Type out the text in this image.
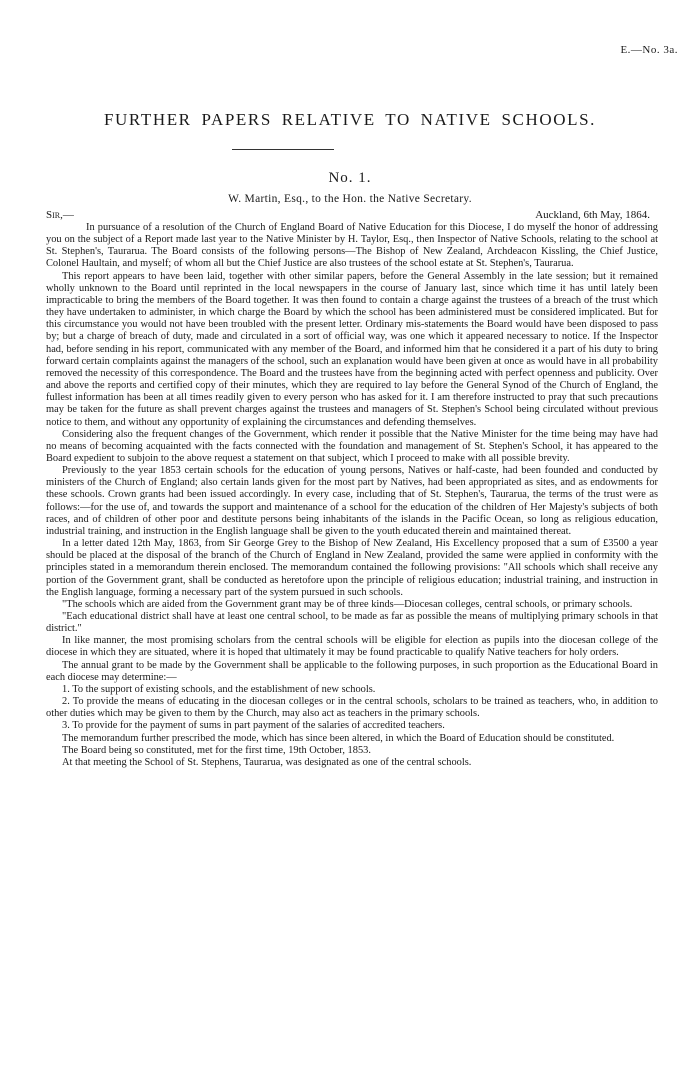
E.—No. 3a.
FURTHER PAPERS RELATIVE TO NATIVE SCHOOLS.
No. 1.
W. Martin, Esq., to the Hon. the Native Secretary.
Sir,—	Auckland, 6th May, 1864.

In pursuance of a resolution of the Church of England Board of Native Education for this Diocese, I do myself the honor of addressing you on the subject of a Report made last year to the Native Minister by H. Taylor, Esq., then Inspector of Native Schools, relating to the school at St. Stephen's, Taurarua. The Board consists of the following persons—The Bishop of New Zealand, Archdeacon Kissling, the Chief Justice, Colonel Haultain, and myself; of whom all but the Chief Justice are also trustees of the school estate at St. Stephen's, Taurarua.

This report appears to have been laid, together with other similar papers, before the General Assembly in the late session; but it remained wholly unknown to the Board until reprinted in the local newspapers in the course of January last, since which time it has until lately been impracticable to bring the members of the Board together. It was then found to contain a charge against the trustees of a breach of the trust which they have undertaken to administer, in which charge the Board by which the school has been administered must be considered implicated. But for this circumstance you would not have been troubled with the present letter. Ordinary mis-statements the Board would have been disposed to pass by; but a charge of breach of duty, made and circulated in a sort of official way, was one which it appeared necessary to notice. If the Inspector had, before sending in his report, communicated with any member of the Board, and informed him that he considered it a part of his duty to bring forward certain complaints against the managers of the school, such an explanation would have been given at once as would have in all probability removed the necessity of this correspondence. The Board and the trustees have from the beginning acted with perfect openness and publicity. Over and above the reports and certified copy of their minutes, which they are required to lay before the General Synod of the Church of England, the fullest information has been at all times readily given to every person who has asked for it. I am therefore instructed to pray that such precautions may be taken for the future as shall prevent charges against the trustees and managers of St. Stephen's School being circulated without previous notice to them, and without any opportunity of explaining the circumstances and defending themselves.

Considering also the frequent changes of the Government, which render it possible that the Native Minister for the time being may have had no means of becoming acquainted with the facts connected with the foundation and management of St. Stephen's School, it has appeared to the Board expedient to subjoin to the above request a statement on that subject, which I proceed to make with all possible brevity.

Previously to the year 1853 certain schools for the education of young persons, Natives or half-caste, had been founded and conducted by ministers of the Church of England; also certain lands given for the most part by Natives, had been appropriated as sites, and as endowments for these schools. Crown grants had been issued accordingly. In every case, including that of St. Stephen's, Taurarua, the terms of the trust were as follows:—for the use of, and towards the support and maintenance of a school for the education of the children of Her Majesty's subjects of both races, and of children of other poor and destitute persons being inhabitants of the islands in the Pacific Ocean, so long as religious education, industrial training, and instruction in the English language shall be given to the youth educated therein and maintained thereat.

In a letter dated 12th May, 1863, from Sir George Grey to the Bishop of New Zealand, His Excellency proposed that a sum of £3500 a year should be placed at the disposal of the branch of the Church of England in New Zealand, provided the same were applied in conformity with the principles stated in a memorandum therein enclosed. The memorandum contained the following provisions: "All schools which shall receive any portion of the Government grant, shall be conducted as heretofore upon the principle of religious education; industrial training, and instruction in the English language, forming a necessary part of the system pursued in such schools.

"The schools which are aided from the Government grant may be of three kinds—Diocesan colleges, central schools, or primary schools.

"Each educational district shall have at least one central school, to be made as far as possible the means of multiplying primary schools in that district."

In like manner, the most promising scholars from the central schools will be eligible for election as pupils into the diocesan college of the diocese in which they are situated, where it is hoped that ultimately it may be found practicable to qualify Native teachers for holy orders.

The annual grant to be made by the Government shall be applicable to the following purposes, in such proportion as the Educational Board in each diocese may determine:—

1. To the support of existing schools, and the establishment of new schools.

2. To provide the means of educating in the diocesan colleges or in the central schools, scholars to be trained as teachers, who, in addition to other duties which may be given to them by the Church, may also act as teachers in the primary schools.

3. To provide for the payment of sums in part payment of the salaries of accredited teachers.

The memorandum further prescribed the mode, which has since been altered, in which the Board of Education should be constituted.

The Board being so constituted, met for the first time, 19th October, 1853.

At that meeting the School of St. Stephens, Taurarua, was designated as one of the central schools.
